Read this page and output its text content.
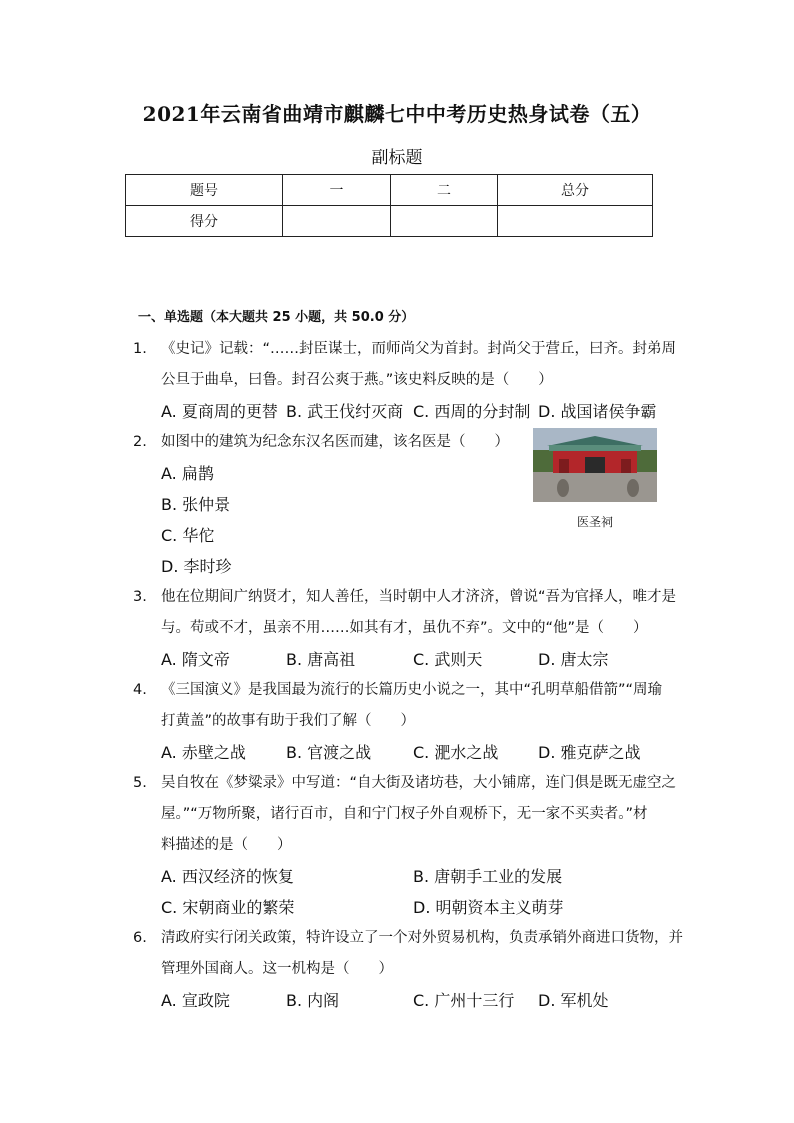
2021年云南省曲靖市麒麟七中中考历史热身试卷（五）
副标题
题号	一	二	总分
得分			
一、单选题（本大题共 25 小题，共 50.0 分）
1. 《史记》记载：“……封臣谋士，而师尚父为首封。封尚父于营丘，曰齐。封弟周
公旦于曲阜，曰鲁。封召公爽于燕。”该史料反映的是（　　）
A. 夏商周的更替 B. 武王伐纣灭商 C. 西周的分封制 D. 战国诸侯争霸
2. 如图中的建筑为纪念东汉名医而建，该名医是（　　）
A. 扁鹊
B. 张仲景
C. 华佗
D. 李时珍
医圣祠
3. 他在位期间广纳贤才，知人善任，当时朝中人才济济，曾说“吾为官择人，唯才是
与。苟或不才，虽亲不用……如其有才，虽仇不弃”。文中的“他”是（　　）
A. 隋文帝	B. 唐高祖	C. 武则天	D. 唐太宗
4. 《三国演义》是我国最为流行的长篇历史小说之一，其中“孔明草船借箭”“周瑜
打黄盖”的故事有助于我们了解（　　）
A. 赤壁之战	B. 官渡之战	C. 淝水之战 D. 雅克萨之战
5. 吴自牧在《梦粱录》中写道：“自大街及诸坊巷，大小铺席，连门俱是既无虚空之
屋。”“万物所聚，诸行百市，自和宁门杈子外自观桥下，无一家不买卖者。”材
料描述的是（　　）
A. 西汉经济的恢复	B. 唐朝手工业的发展
C. 宋朝商业的繁荣	D. 明朝资本主义萌芽
6. 清政府实行闭关政策，特许设立了一个对外贸易机构，负责承销外商进口货物，并
管理外国商人。这一机构是（　　）
A. 宣政院	B. 内阁	C. 广州十三行 D. 军机处
